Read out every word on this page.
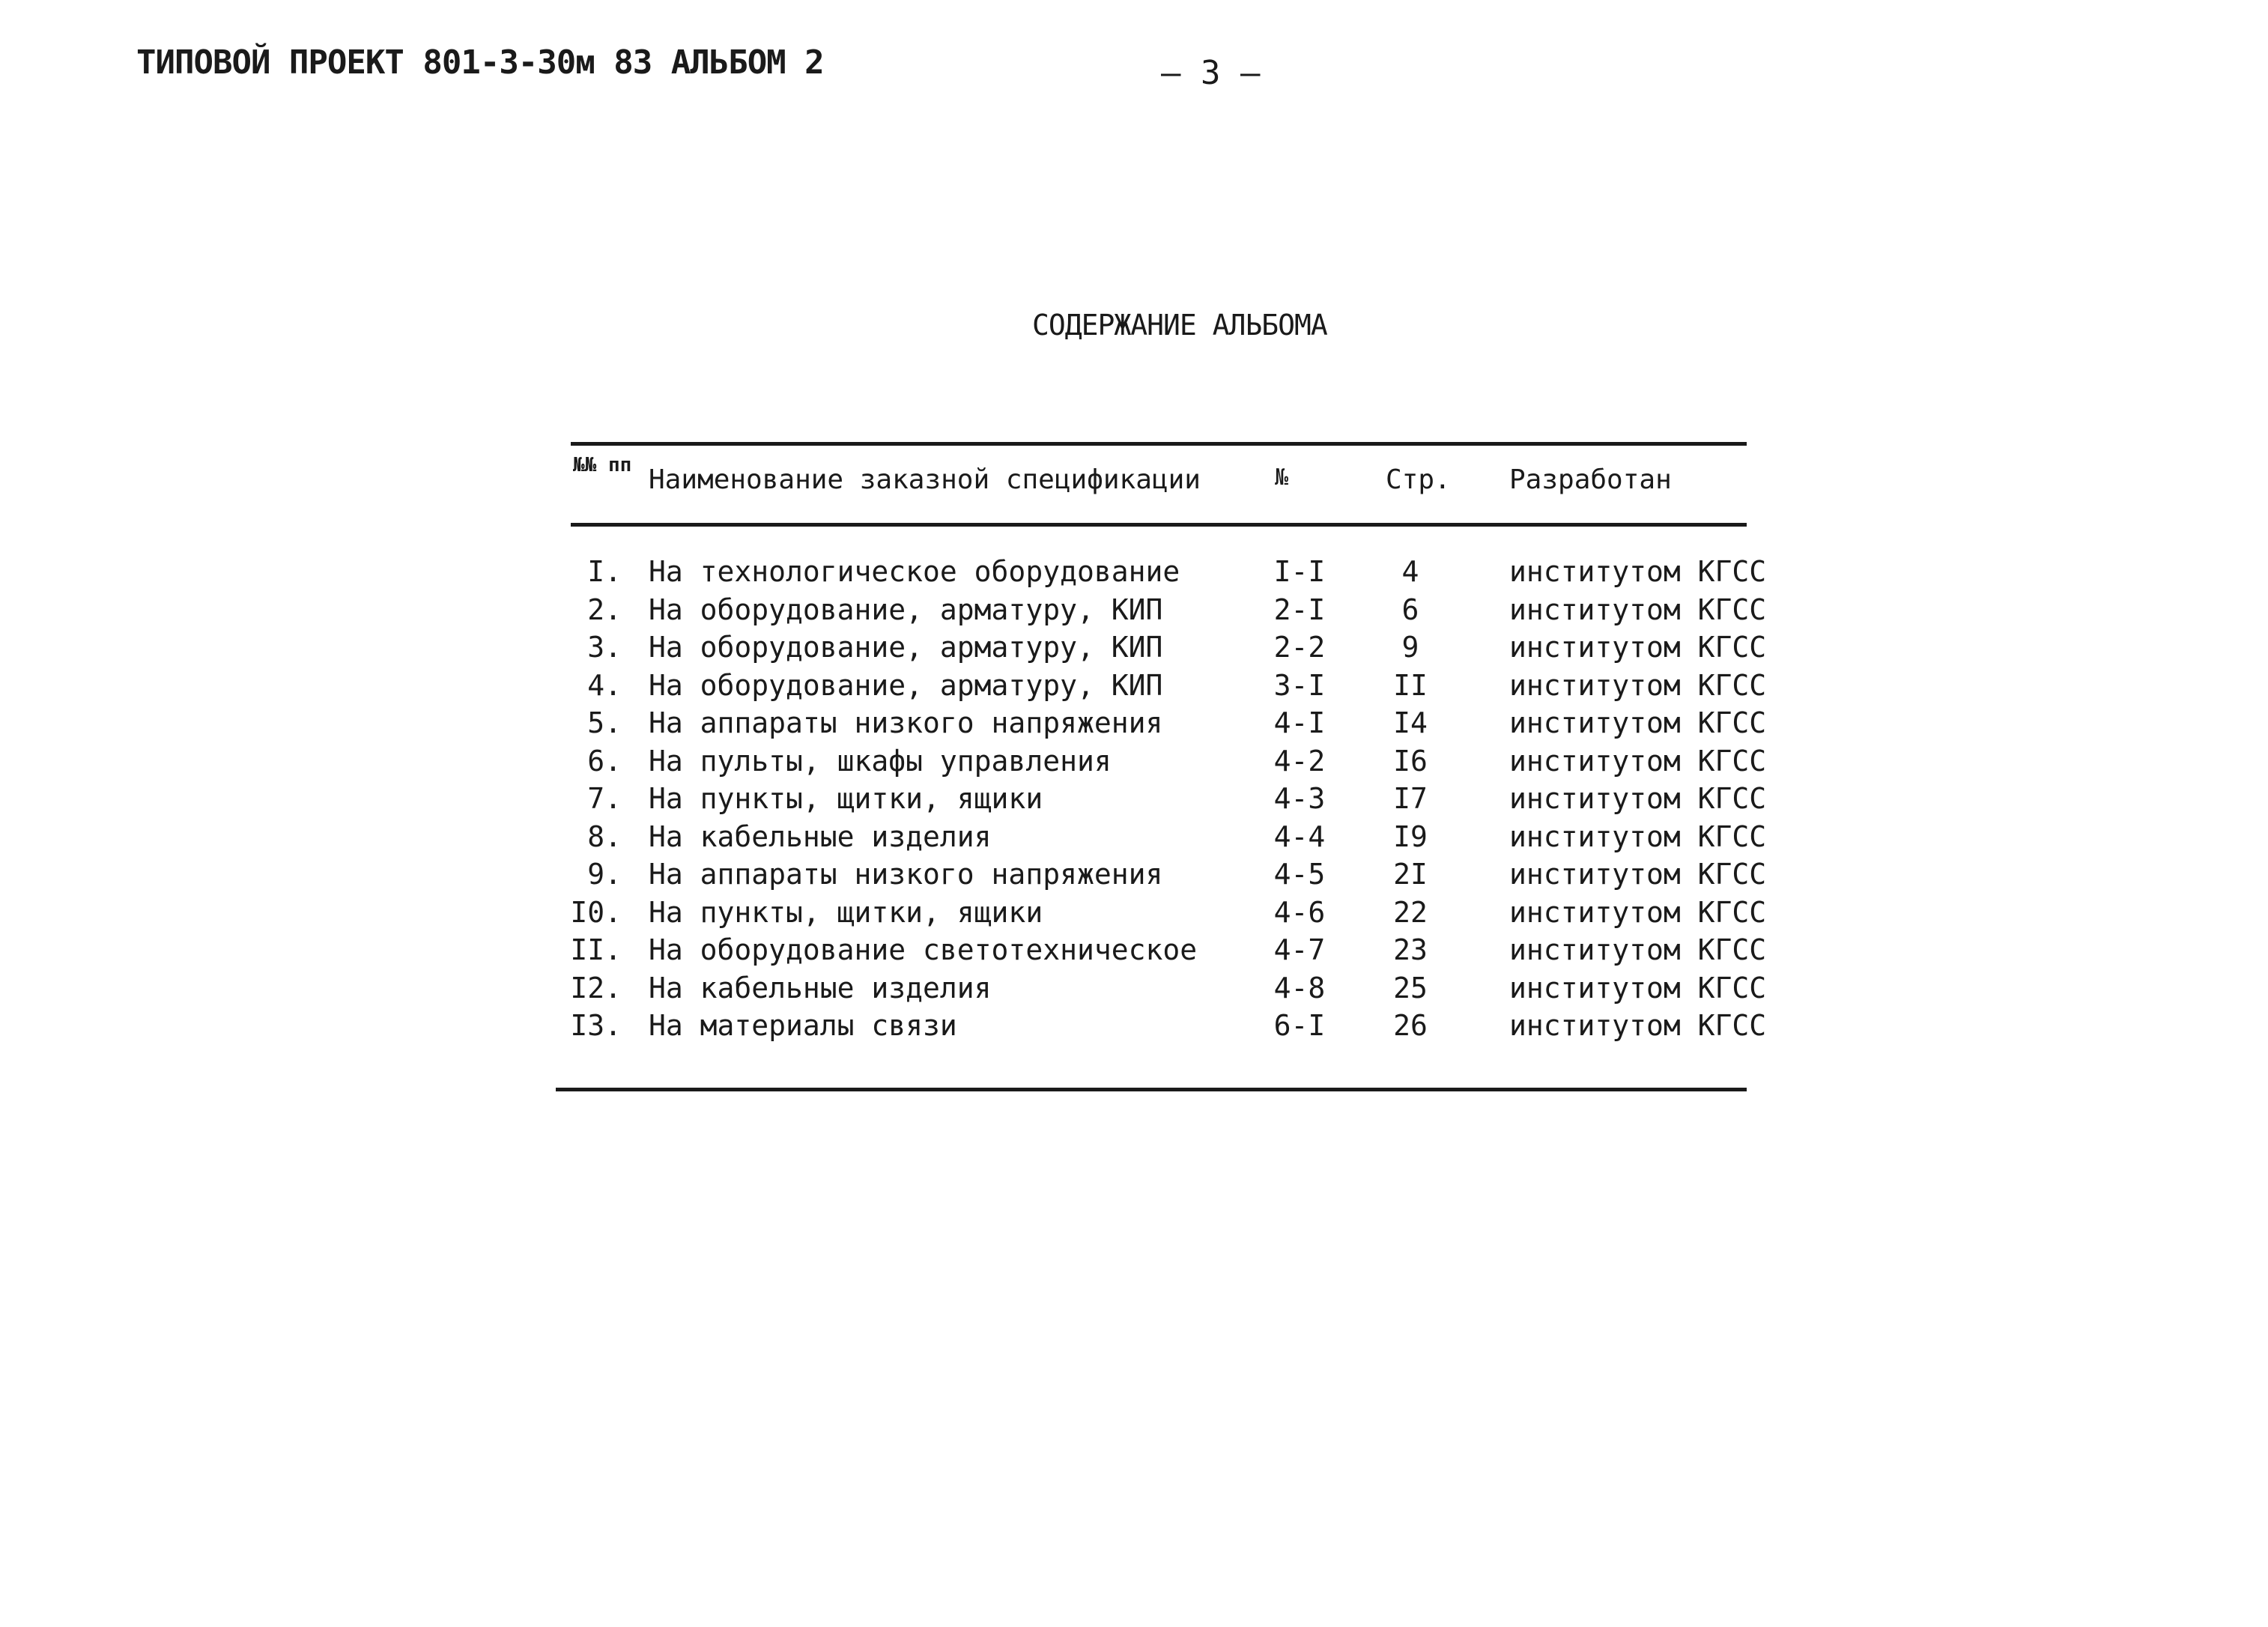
ТИПОВОЙ ПРОЕКТ 801-3-30м 83 АЛЬБОМ 2	– 3 –
СОДЕРЖАНИЕ АЛЬБОМА
№№ пп Наименование заказной спецификации	№	Стр. Разработан
I. На технологическое оборудование	I-I	4	институтом КГСС
2. На оборудование, арматуру, КИП	2-I	6	институтом КГСС
3. На оборудование, арматуру, КИП	2-2	9	институтом КГСС
4. На оборудование, арматуру, КИП	3-I	II	институтом КГСС
5. На аппараты низкого напряжения	4-I	I4	институтом КГСС
6. На пульты, шкафы управления	4-2	I6	институтом КГСС
7. На пункты, щитки, ящики	4-3	I7	институтом КГСС
8. На кабельные изделия	4-4	I9	институтом КГСС
9. На аппараты низкого напряжения	4-5	2I	институтом КГСС
I0. На пункты, щитки, ящики	4-6	22	институтом КГСС
II. На оборудование светотехническое	4-7	23	институтом КГСС
I2. На кабельные изделия	4-8	25	институтом КГСС
I3. На материалы связи	6-I	26	институтом КГСС
